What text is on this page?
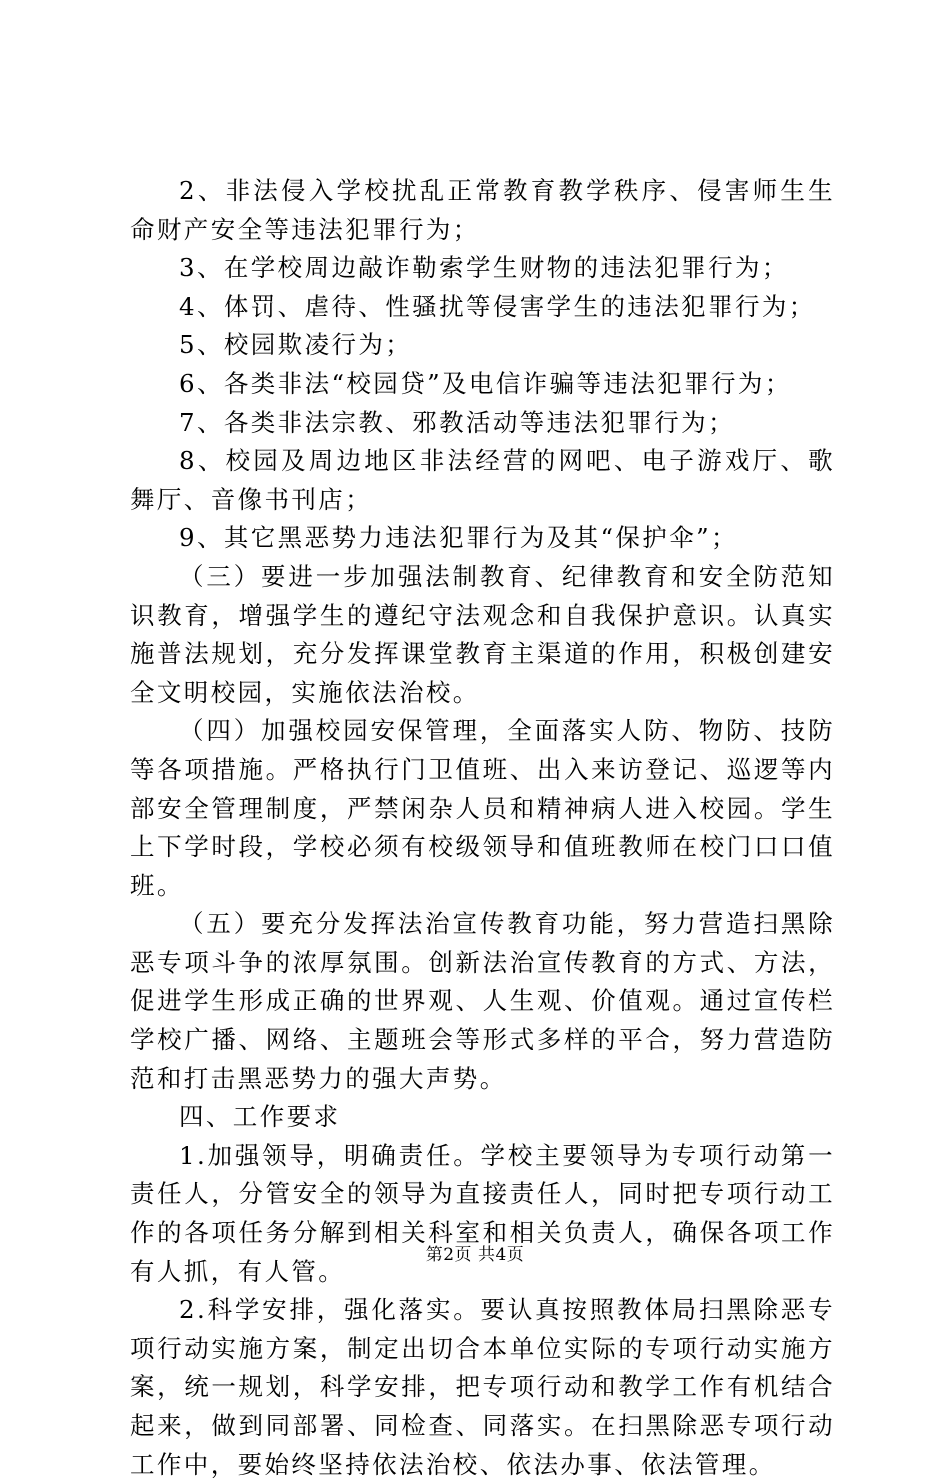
2、非法侵入学校扰乱正常教育教学秩序、侵害师生生命财产安全等违法犯罪行为；

3、在学校周边敲诈勒索学生财物的违法犯罪行为；

4、体罚、虐待、性骚扰等侵害学生的违法犯罪行为；

5、校园欺凌行为；

6、各类非法“校园贷”及电信诈骗等违法犯罪行为；

7、各类非法宗教、邪教活动等违法犯罪行为；

8、校园及周边地区非法经营的网吧、电子游戏厅、歌舞厅、音像书刊店；

9、其它黑恶势力违法犯罪行为及其“保护伞”；

（三）要进一步加强法制教育、纪律教育和安全防范知识教育，增强学生的遵纪守法观念和自我保护意识。认真实施普法规划，充分发挥课堂教育主渠道的作用，积极创建安全文明校园，实施依法治校。

（四）加强校园安保管理，全面落实人防、物防、技防等各项措施。严格执行门卫值班、出入来访登记、巡逻等内部安全管理制度，严禁闲杂人员和精神病人进入校园。学生上下学时段，学校必须有校级领导和值班教师在校门口口值班。

（五）要充分发挥法治宣传教育功能，努力营造扫黑除恶专项斗争的浓厚氛围。创新法治宣传教育的方式、方法，促进学生形成正确的世界观、人生观、价值观。通过宣传栏学校广播、网络、主题班会等形式多样的平合，努力营造防范和打击黑恶势力的强大声势。

四、工作要求

1.加强领导，明确责任。学校主要领导为专项行动第一责任人，分管安全的领导为直接责任人，同时把专项行动工作的各项任务分解到相关科室和相关负责人，确保各项工作有人抓，有人管。

2.科学安排，强化落实。要认真按照教体局扫黑除恶专项行动实施方案，制定出切合本单位实际的专项行动实施方案，统一规划，科学安排，把专项行动和教学工作有机结合起来，做到同部署、同检查、同落实。在扫黑除恶专项行动工作中，要始终坚持依法治校、依法办事、依法管理。

第2页 共4页
